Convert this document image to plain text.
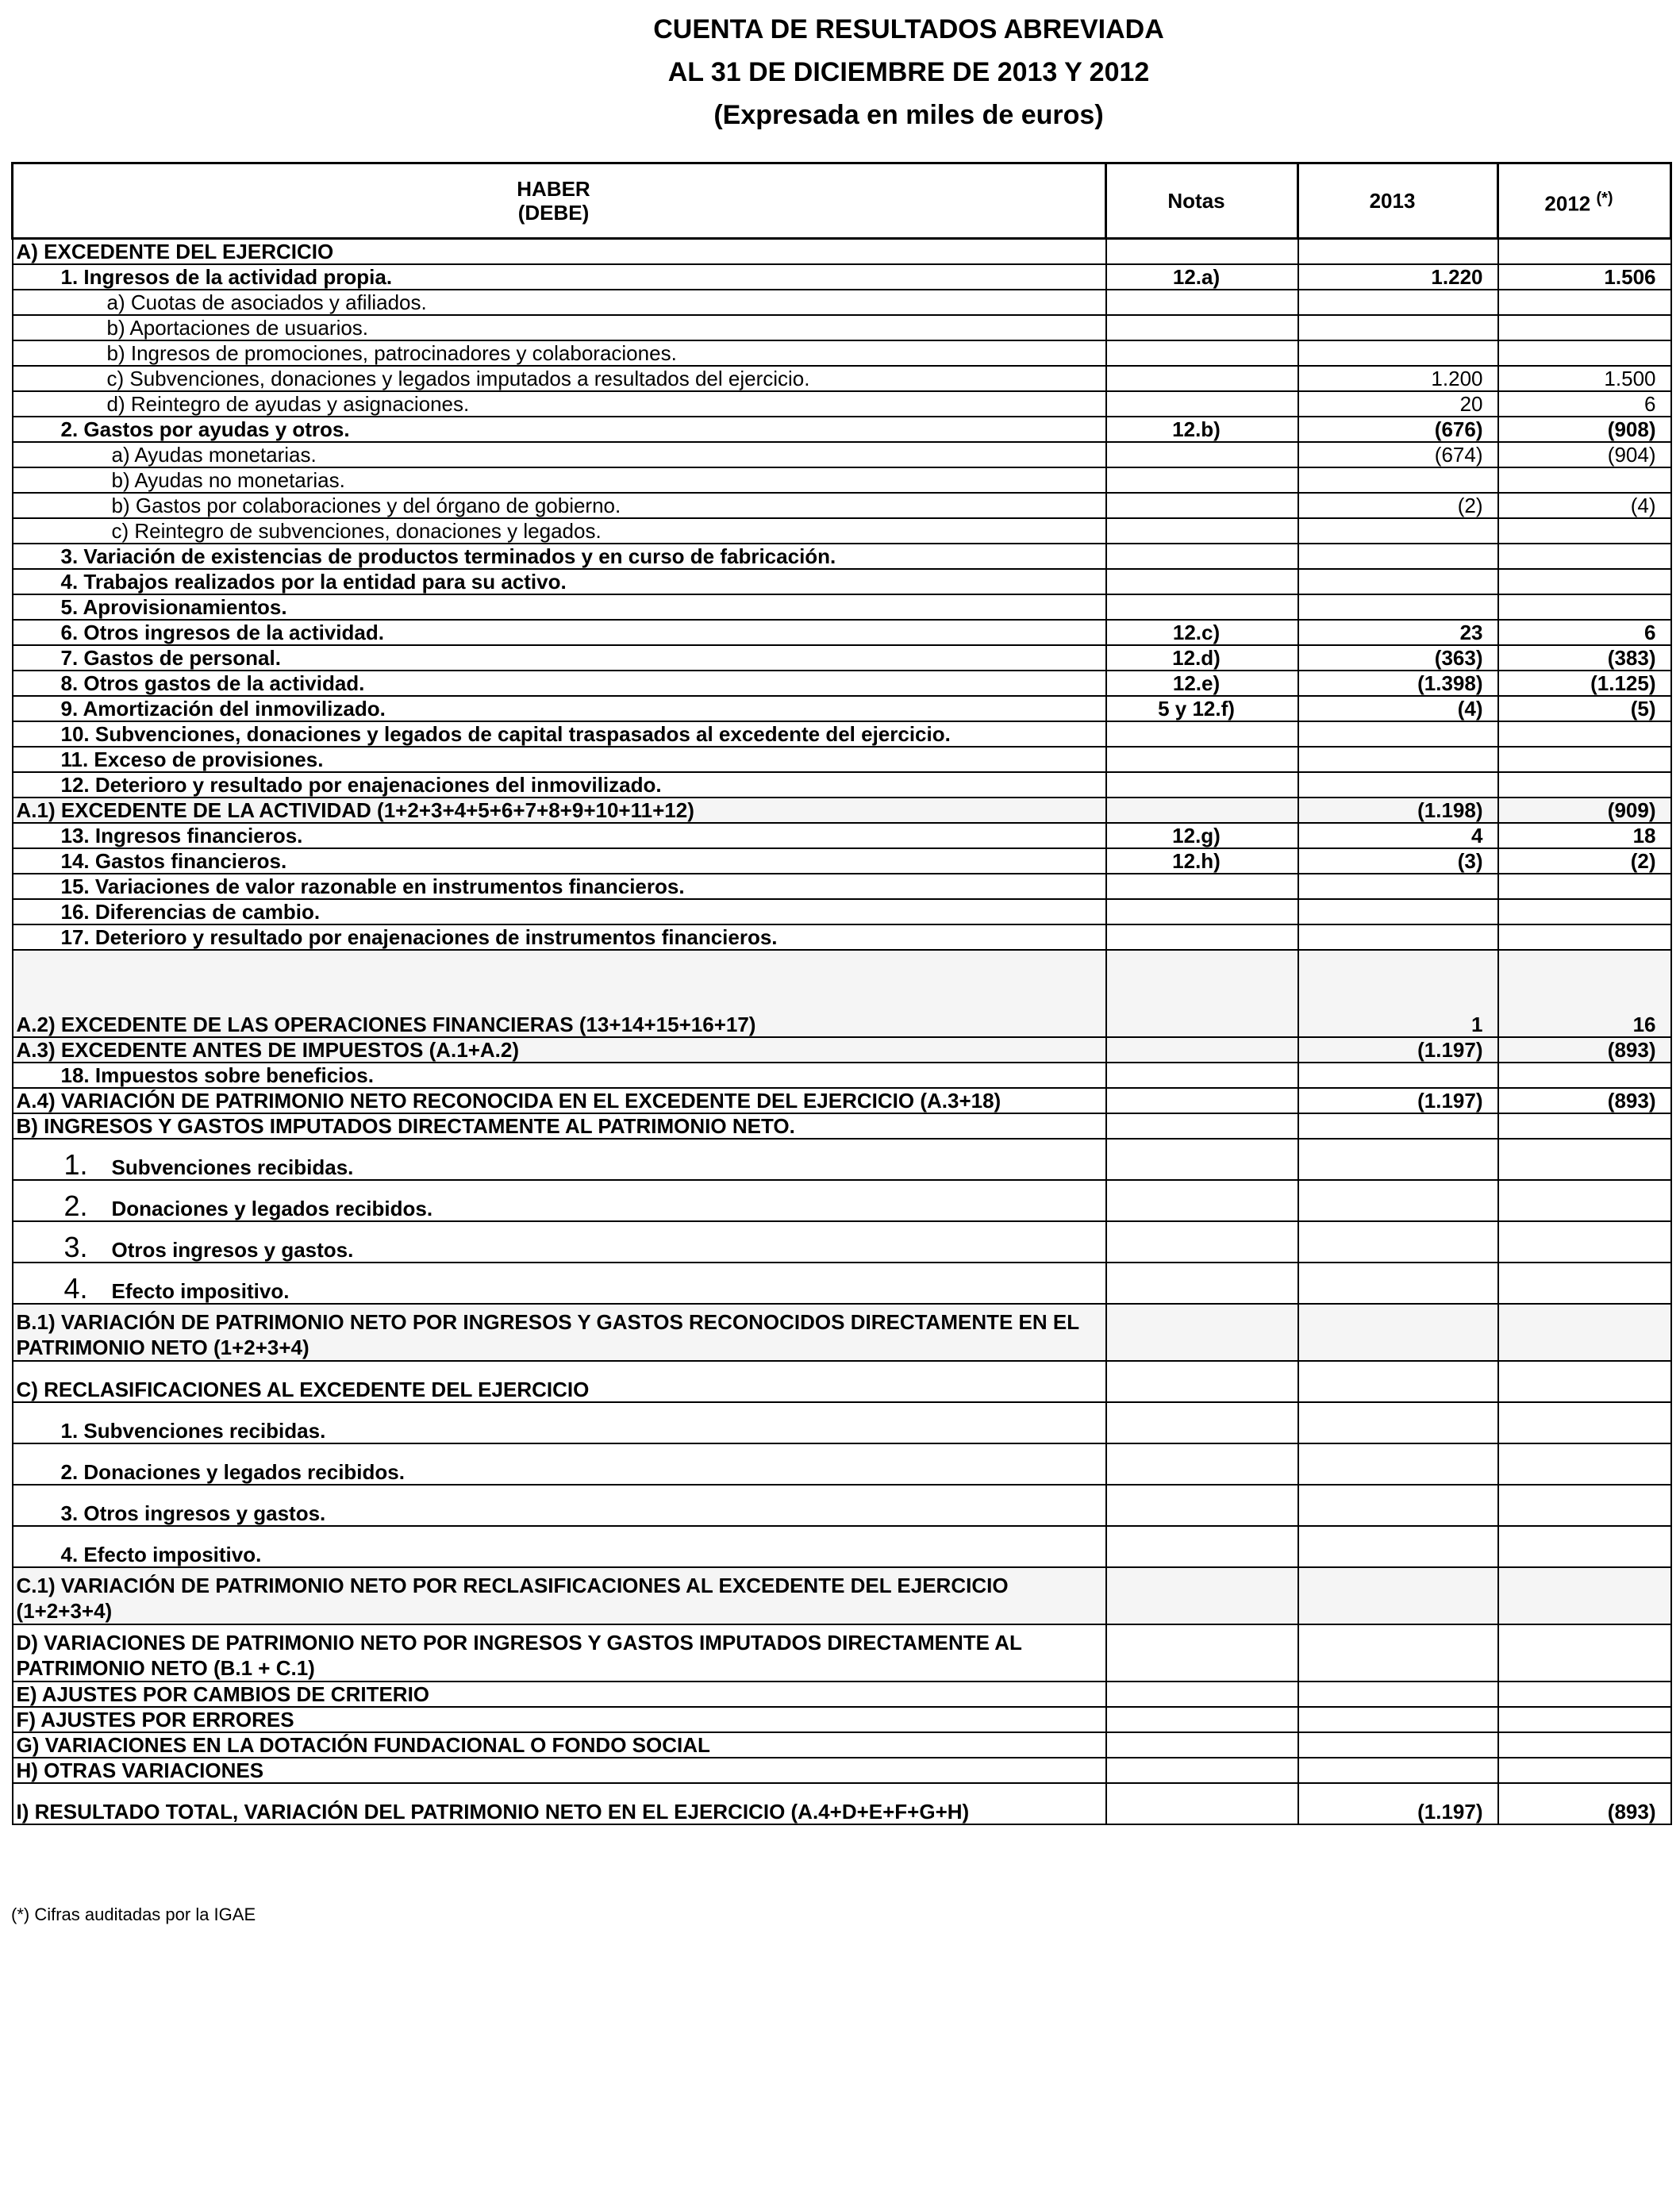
CUENTA DE RESULTADOS ABREVIADA
AL 31 DE DICIEMBRE DE 2013 Y 2012
(Expresada en miles de euros)
HABER
(DEBE)	Notas	2013	2012 (*)
A) EXCEDENTE DEL EJERCICIO			
1. Ingresos de la actividad propia.	12.a)	1.220	1.506
a) Cuotas de asociados y afiliados.			
b) Aportaciones de usuarios.			
b) Ingresos de promociones, patrocinadores y colaboraciones.			
c) Subvenciones, donaciones y legados imputados a resultados del ejercicio.		1.200	1.500
d) Reintegro de ayudas y asignaciones.		20	6
2. Gastos por ayudas y otros.	12.b)	(676)	(908)
a) Ayudas monetarias.		(674)	(904)
b) Ayudas no monetarias.			
b) Gastos por colaboraciones y del órgano de gobierno.		(2)	(4)
c) Reintegro de subvenciones, donaciones y legados.			
3. Variación de existencias de productos terminados y en curso de fabricación.			
4. Trabajos realizados por la entidad para su activo.			
5. Aprovisionamientos.			
6. Otros ingresos de la actividad.	12.c)	23	6
7. Gastos de personal.	12.d)	(363)	(383)
8. Otros gastos de la actividad.	12.e)	(1.398)	(1.125)
9. Amortización del inmovilizado.	5 y 12.f)	(4)	(5)
10. Subvenciones, donaciones y legados de capital traspasados al excedente del ejercicio.			
11. Exceso de provisiones.			
12. Deterioro y resultado por enajenaciones del inmovilizado.			
A.1) EXCEDENTE DE LA ACTIVIDAD (1+2+3+4+5+6+7+8+9+10+11+12)		(1.198)	(909)
13. Ingresos financieros.	12.g)	4	18
14. Gastos financieros.	12.h)	(3)	(2)
15. Variaciones de valor razonable en instrumentos financieros.			
16. Diferencias de cambio.			
17. Deterioro y resultado por enajenaciones de instrumentos financieros.			
A.2) EXCEDENTE DE LAS OPERACIONES FINANCIERAS (13+14+15+16+17)		1	16
A.3) EXCEDENTE ANTES DE IMPUESTOS (A.1+A.2)		(1.197)	(893)
18. Impuestos sobre beneficios.			
A.4) VARIACIÓN DE PATRIMONIO NETO RECONOCIDA EN EL EXCEDENTE DEL EJERCICIO (A.3+18)		(1.197)	(893)
B) INGRESOS Y GASTOS IMPUTADOS DIRECTAMENTE AL PATRIMONIO NETO.			
1. Subvenciones recibidas.			
2. Donaciones y legados recibidos.			
3. Otros ingresos y gastos.			
4. Efecto impositivo.			
B.1) VARIACIÓN DE PATRIMONIO NETO POR INGRESOS Y GASTOS RECONOCIDOS DIRECTAMENTE EN EL PATRIMONIO NETO (1+2+3+4)			
C) RECLASIFICACIONES AL EXCEDENTE DEL EJERCICIO			
1. Subvenciones recibidas.			
2. Donaciones y legados recibidos.			
3. Otros ingresos y gastos.			
4. Efecto impositivo.			
C.1) VARIACIÓN DE PATRIMONIO NETO POR RECLASIFICACIONES AL EXCEDENTE DEL EJERCICIO (1+2+3+4)			
D) VARIACIONES DE PATRIMONIO NETO POR INGRESOS Y GASTOS IMPUTADOS DIRECTAMENTE AL PATRIMONIO NETO (B.1 + C.1)			
E) AJUSTES POR CAMBIOS DE CRITERIO			
F) AJUSTES POR ERRORES			
G) VARIACIONES EN LA DOTACIÓN FUNDACIONAL O FONDO SOCIAL			
H) OTRAS VARIACIONES			
I) RESULTADO TOTAL, VARIACIÓN DEL PATRIMONIO NETO EN EL EJERCICIO (A.4+D+E+F+G+H)		(1.197)	(893)
(*) Cifras auditadas por la IGAE
